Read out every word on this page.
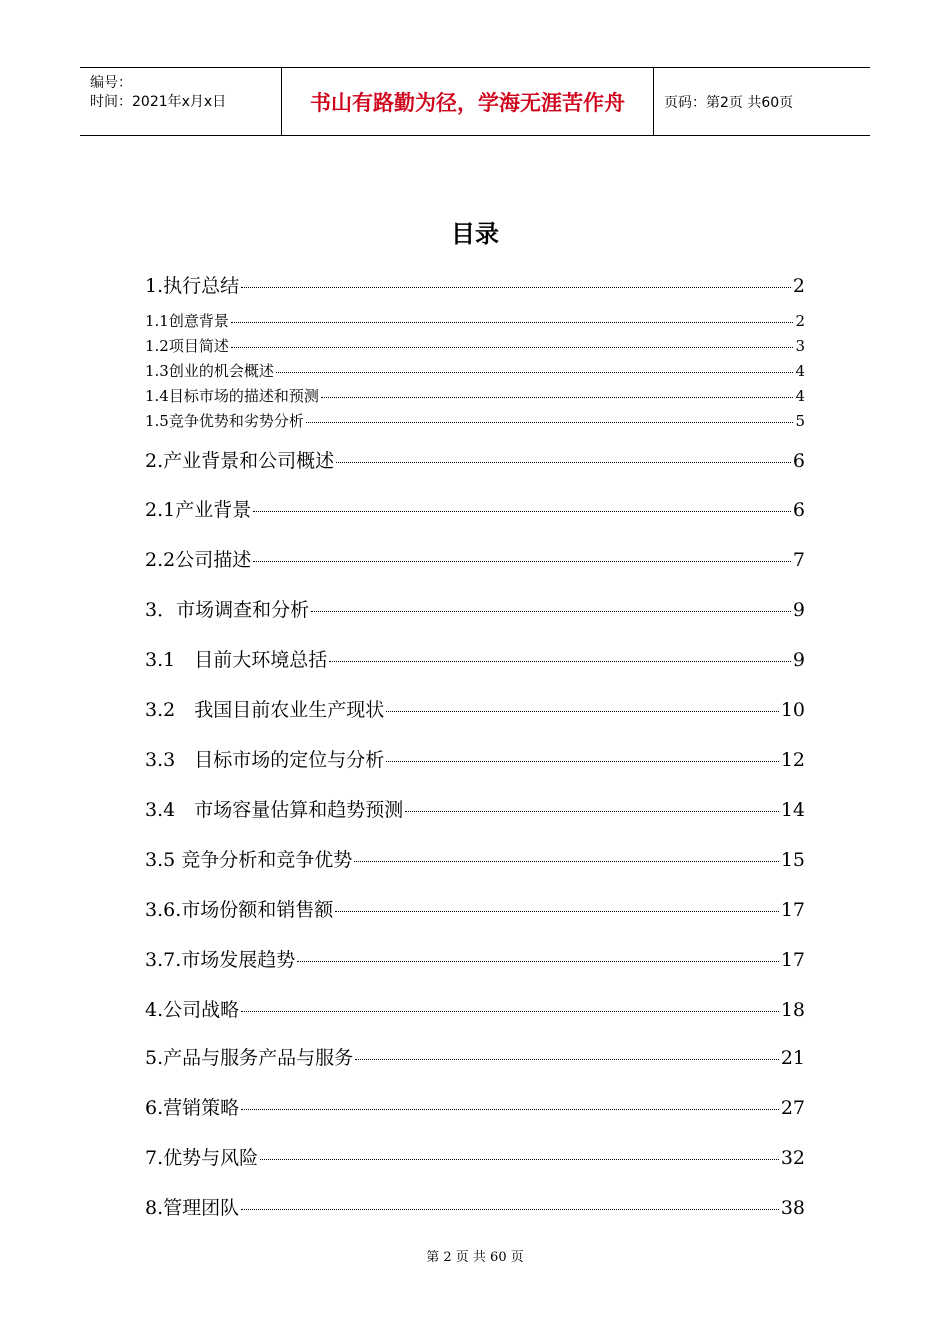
编号：
时间：2021年x月x日	书山有路勤为径，学海无涯苦作舟	页码：第2页 共60页
目录
1.执行总结	2
1.1创意背景	2
1.2项目简述	3
1.3创业的机会概述	4
1.4目标市场的描述和预测	4
1.5竞争优势和劣势分析	5
2.产业背景和公司概述	6
2.1产业背景	6
2.2公司描述	7
3．市场调查和分析	9
3.1　目前大环境总括	9
3.2　我国目前农业生产现状	10
3.3　目标市场的定位与分析	12
3.4　市场容量估算和趋势预测	14
3.5 竞争分析和竞争优势	15
3.6.市场份额和销售额	17
3.7.市场发展趋势	17
4.公司战略	18
5.产品与服务产品与服务	21
6.营销策略	27
7.优势与风险	32
8.管理团队	38
第 2 页 共 60 页
